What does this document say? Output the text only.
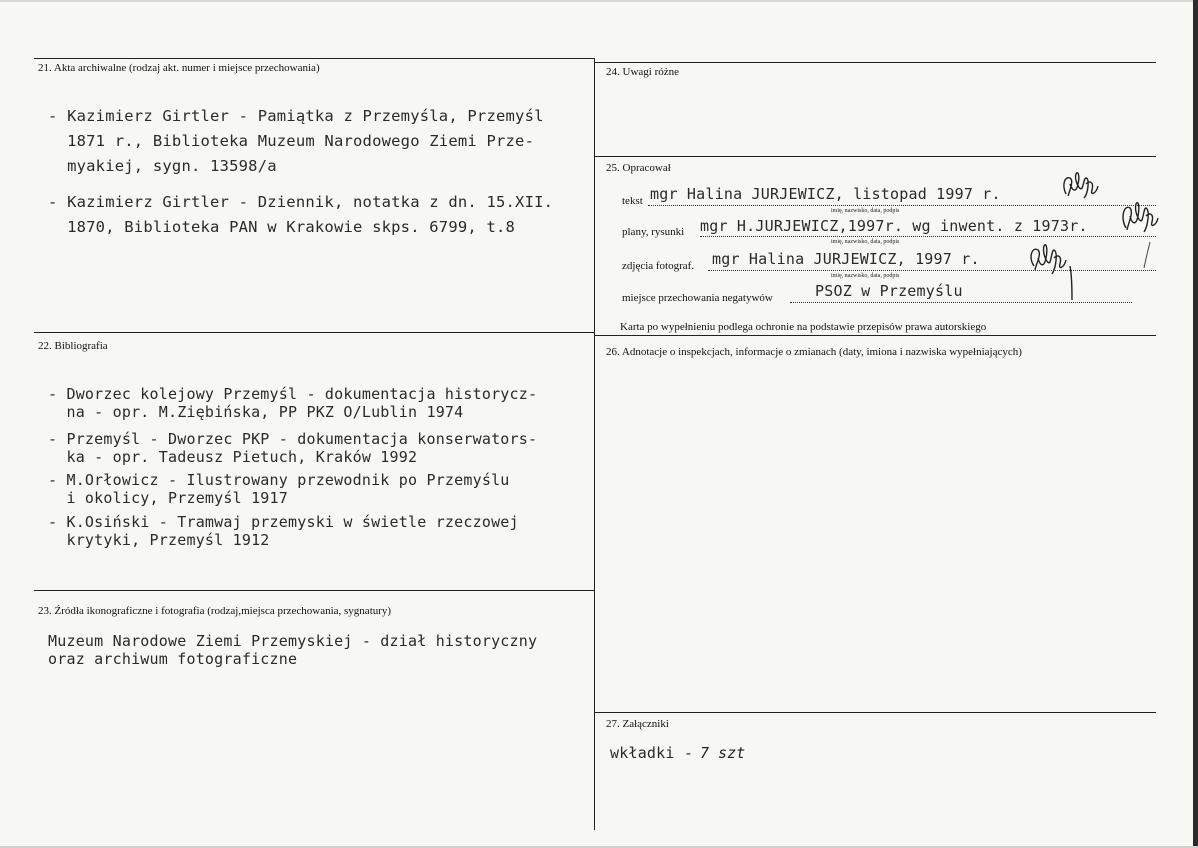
21. Akta archiwalne (rodzaj akt. numer i miejsce przechowania)
- Kazimierz Girtler - Pamiątka z Przemyśla, Przemyśl
1871 r., Biblioteka Muzeum Narodowego Ziemi Prze-
myakiej, sygn. 13598/a
- Kazimierz Girtler - Dziennik, notatka z dn. 15.XII.
1870, Biblioteka PAN w Krakowie skps. 6799, t.8
22. Bibliografia
- Dworzec kolejowy Przemyśl - dokumentacja historycz-
na - opr. M.Ziębińska, PP PKZ O/Lublin 1974
- Przemyśl - Dworzec PKP - dokumentacja konserwators-
ka - opr. Tadeusz Pietuch, Kraków 1992
- M.Orłowicz - Ilustrowany przewodnik po Przemyślu
i okolicy, Przemyśl 1917
- K.Osiński - Tramwaj przemyski w świetle rzeczowej
krytyki, Przemyśl 1912
23. Źródła ikonograficzne i fotografia (rodzaj,miejsca przechowania, sygnatury)
Muzeum Narodowe Ziemi Przemyskiej - dział historyczny
oraz archiwum fotograficzne
24. Uwagi różne
25. Opracował
tekst mgr Halina JURJEWICZ, listopad 1997 r.
imię, nazwisko, data, podpis
plany, rysunki mgr H.JURJEWICZ,1997r. wg inwent. z 1973r.
imię, nazwisko, data, podpis
zdjęcia fotograf. mgr Halina JURJEWICZ, 1997 r.
imię, nazwisko, data, podpis
miejsce przechowania negatywów	PSOZ w Przemyślu
Karta po wypełnieniu podlega ochronie na podstawie przepisów prawa autorskiego
26. Adnotacje o inspekcjach, informacje o zmianach (daty, imiona i nazwiska wypełniających)
27. Załączniki
wkładki - 7 szt
